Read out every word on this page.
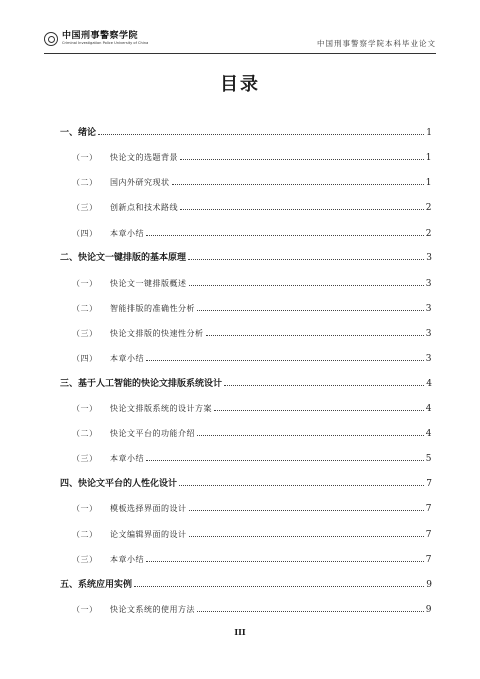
中国刑事警察学院
Criminal Investigation Police University of China	中国刑事警察学院本科毕业论文
目录
一、绪论	1
（一）	快论文的选题背景	1
（二）	国内外研究现状	1
（三）	创新点和技术路线	2
（四）	本章小结	2
二、快论文一键排版的基本原理	3
（一）	快论文一键排版概述	3
（二）	智能排版的准确性分析	3
（三）	快论文排版的快速性分析	3
（四）	本章小结	3
三、基于人工智能的快论文排版系统设计	4
（一）	快论文排版系统的设计方案	4
（二）	快论文平台的功能介绍	4
（三）	本章小结	5
四、快论文平台的人性化设计	7
（一）	模板选择界面的设计	7
（二）	论文编辑界面的设计	7
（三）	本章小结	7
五、系统应用实例	9
（一）	快论文系统的使用方法	9
III
